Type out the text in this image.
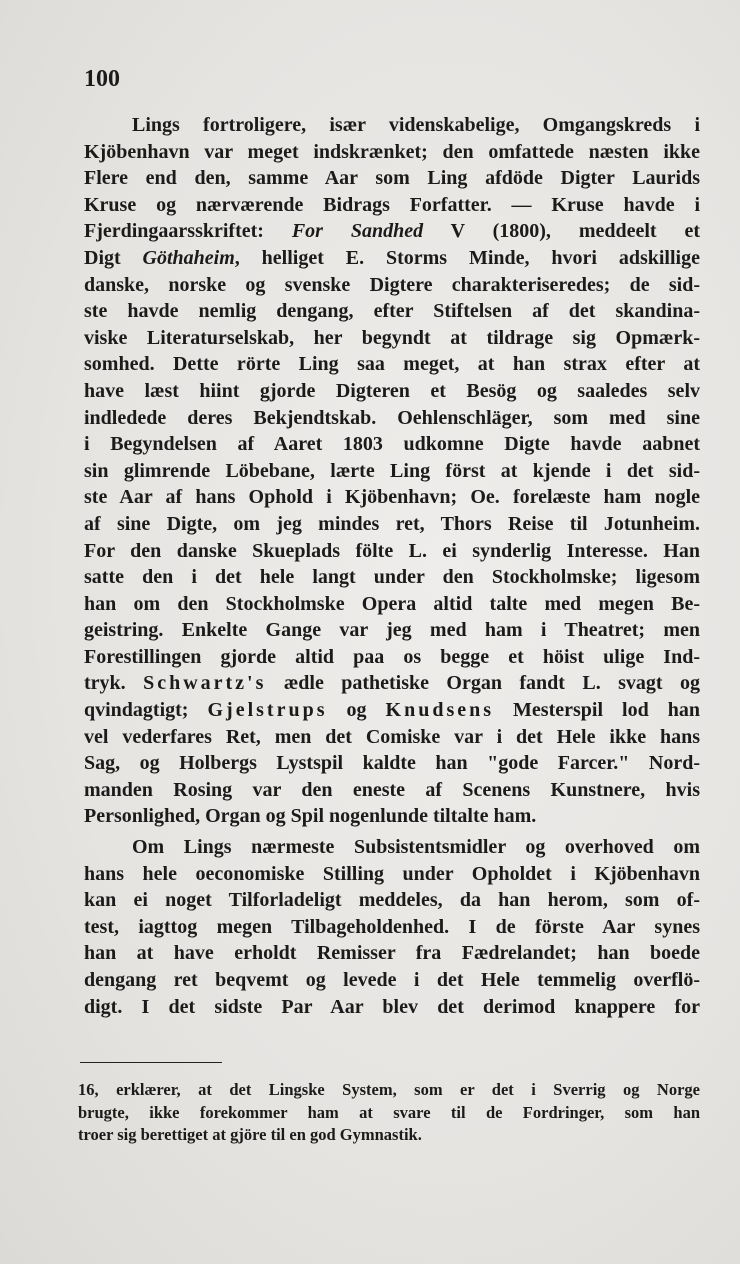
100
Lings fortroligere, især videnskabelige, Omgangskreds i
Kjöbenhavn var meget indskrænket; den omfattede næsten ikke
Flere end den, samme Aar som Ling afdöde Digter Laurids
Kruse og nærværende Bidrags Forfatter. — Kruse havde i
Fjerdingaarsskriftet: For Sandhed V (1800), meddeelt et
Digt Göthaheim, helliget E. Storms Minde, hvori adskillige
danske, norske og svenske Digtere charakteriseredes; de sid-
ste havde nemlig dengang, efter Stiftelsen af det skandina-
viske Literaturselskab, her begyndt at tildrage sig Opmærk-
somhed. Dette rörte Ling saa meget, at han strax efter at
have læst hiint gjorde Digteren et Besög og saaledes selv
indledede deres Bekjendtskab. Oehlenschläger, som med sine
i Begyndelsen af Aaret 1803 udkomne Digte havde aabnet
sin glimrende Löbebane, lærte Ling först at kjende i det sid-
ste Aar af hans Ophold i Kjöbenhavn; Oe. forelæste ham nogle
af sine Digte, om jeg mindes ret, Thors Reise til Jotunheim.
For den danske Skueplads fölte L. ei synderlig Interesse. Han
satte den i det hele langt under den Stockholmske; ligesom
han om den Stockholmske Opera altid talte med megen Be-
geistring. Enkelte Gange var jeg med ham i Theatret; men
Forestillingen gjorde altid paa os begge et höist ulige Ind-
tryk. Schwartz's ædle pathetiske Organ fandt L. svagt og
qvindagtigt; Gjelstrups og Knudsens Mesterspil lod han
vel vederfares Ret, men det Comiske var i det Hele ikke hans
Sag, og Holbergs Lystspil kaldte han "gode Farcer." Nord-
manden Rosing var den eneste af Scenens Kunstnere, hvis
Personlighed, Organ og Spil nogenlunde tiltalte ham.
Om Lings nærmeste Subsistentsmidler og overhoved om
hans hele oeconomiske Stilling under Opholdet i Kjöbenhavn
kan ei noget Tilforladeligt meddeles, da han herom, som of-
test, iagttog megen Tilbageholdenhed. I de förste Aar synes
han at have erholdt Remisser fra Fædrelandet; han boede
dengang ret beqvemt og levede i det Hele temmelig overflö-
digt. I det sidste Par Aar blev det derimod knappere for
16, erklærer, at det Lingske System, som er det i Sverrig og Norge
brugte, ikke forekommer ham at svare til de Fordringer, som han
troer sig berettiget at gjöre til en god Gymnastik.
